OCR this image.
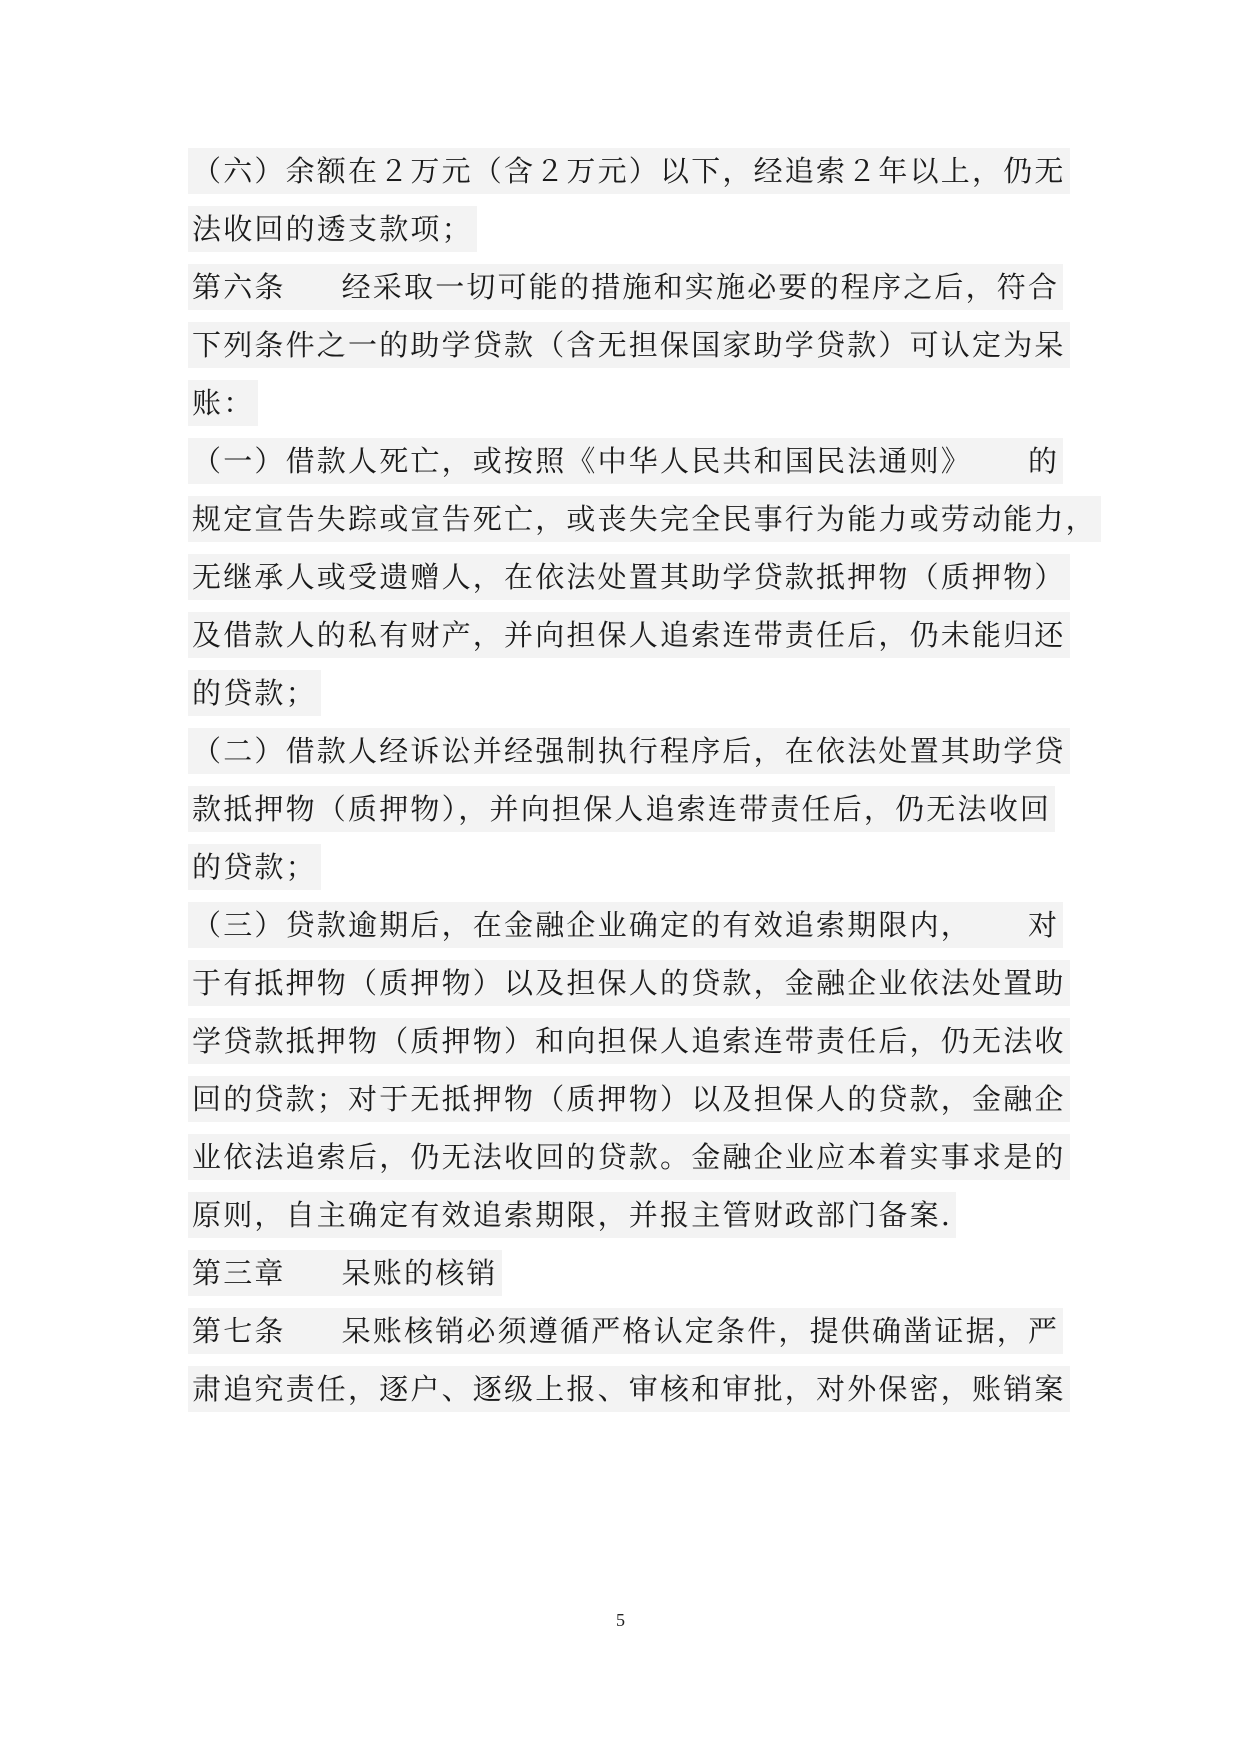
（六）余额在２万元（含２万元）以下，经追索２年以上，仍无
法收回的透支款项；
第六条 经采取一切可能的措施和实施必要的程序之后，符合
下列条件之一的助学贷款（含无担保国家助学贷款）可认定为呆
账：
（一）借款人死亡，或按照《中华人民共和国民法通则》 的
规定宣告失踪或宣告死亡，或丧失完全民事行为能力或劳动能力，
无继承人或受遗赠人，在依法处置其助学贷款抵押物（质押物）
及借款人的私有财产，并向担保人追索连带责任后，仍未能归还
的贷款；
（二）借款人经诉讼并经强制执行程序后，在依法处置其助学贷
款抵押物（质押物），并向担保人追索连带责任后，仍无法收回
的贷款；
（三）贷款逾期后，在金融企业确定的有效追索期限内， 对
于有抵押物（质押物）以及担保人的贷款，金融企业依法处置助
学贷款抵押物（质押物）和向担保人追索连带责任后，仍无法收
回的贷款；对于无抵押物（质押物）以及担保人的贷款，金融企
业依法追索后，仍无法收回的贷款。金融企业应本着实事求是的
原则，自主确定有效追索期限，并报主管财政部门备案.
第三章 呆账的核销
第七条 呆账核销必须遵循严格认定条件，提供确凿证据，严
肃追究责任，逐户、逐级上报、审核和审批，对外保密，账销案
5
